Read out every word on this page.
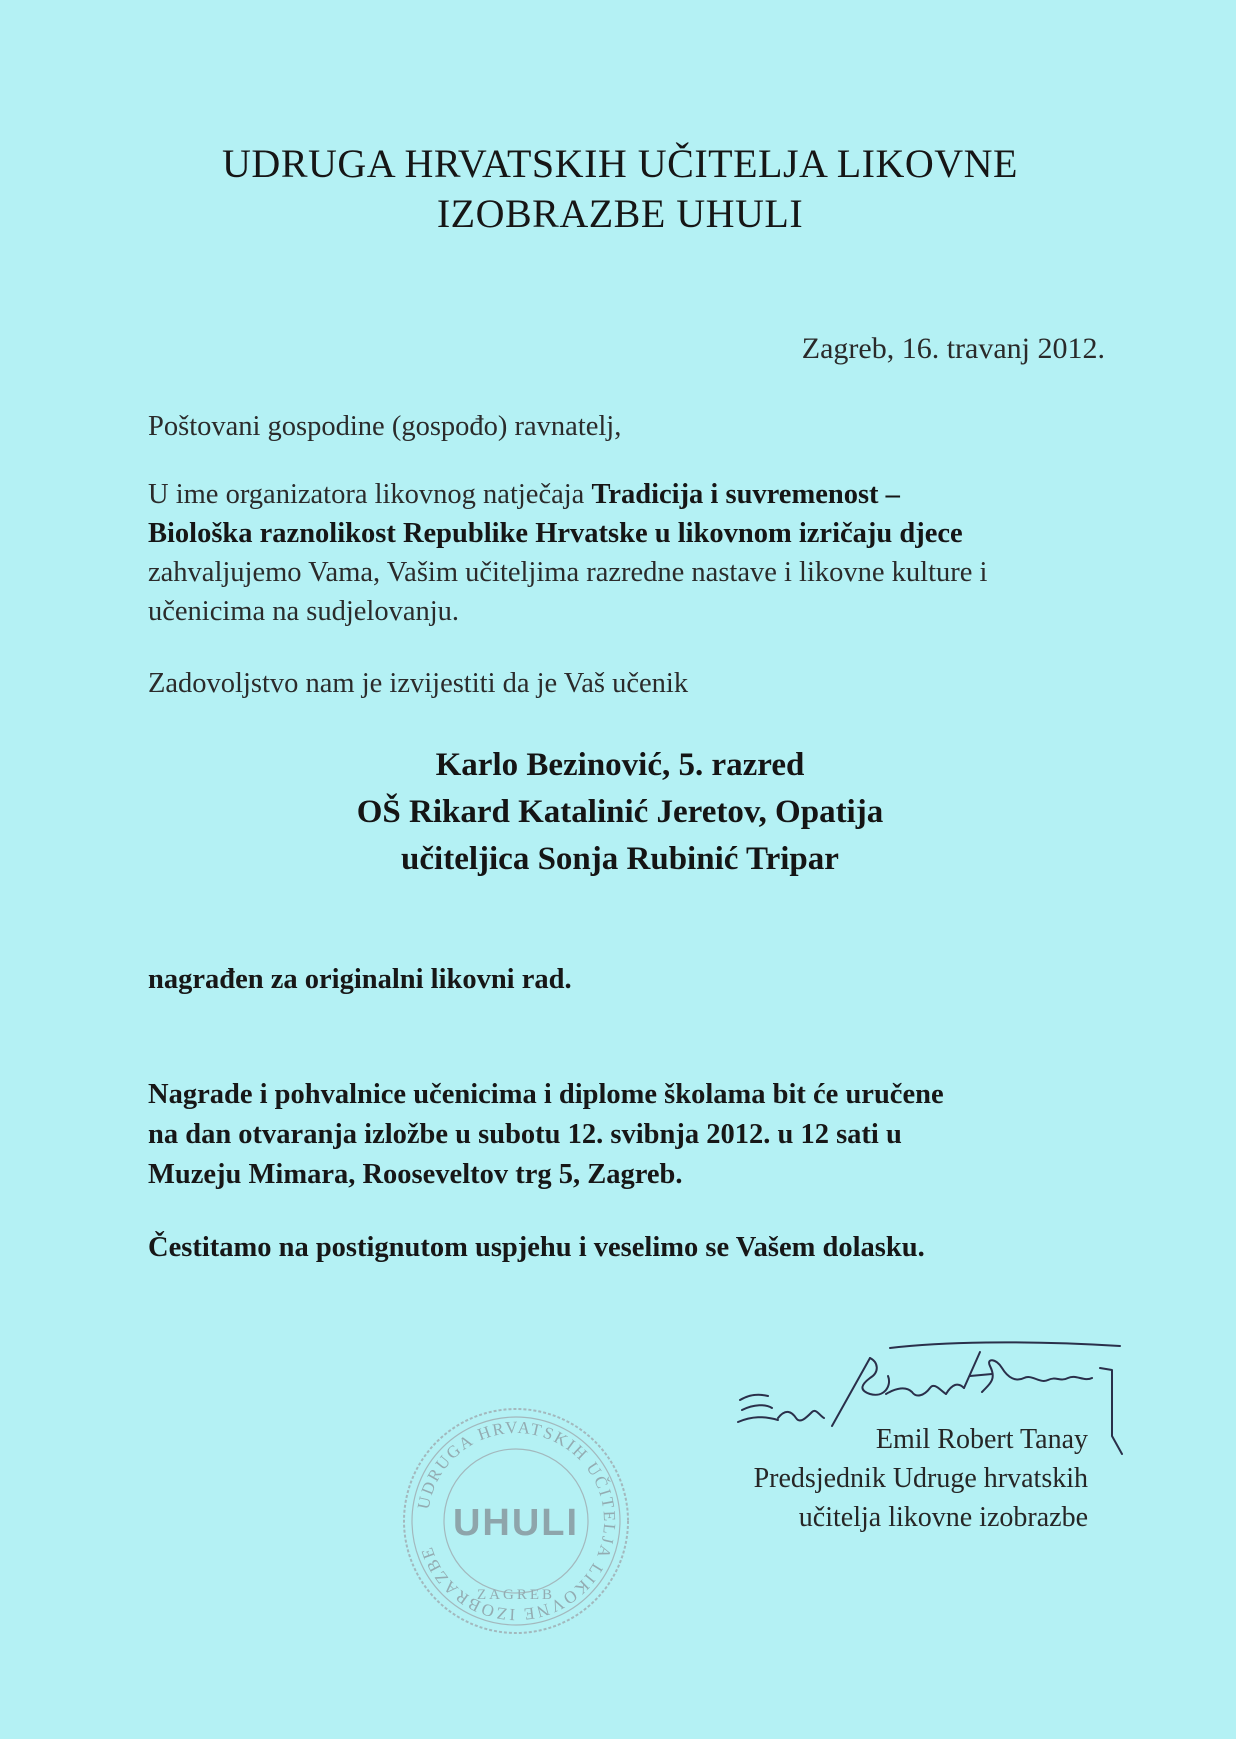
UDRUGA HRVATSKIH UČITELJA LIKOVNE
IZOBRAZBE UHULI
Zagreb, 16. travanj 2012.
Poštovani gospodine (gospođo) ravnatelj,
U ime organizatora likovnog natječaja Tradicija i suvremenost –
Biološka raznolikost Republike Hrvatske u likovnom izričaju djece
zahvaljujemo Vama, Vašim učiteljima razredne nastave i likovne kulture i
učenicima na sudjelovanju.
Zadovoljstvo nam je izvijestiti da je Vaš učenik
Karlo Bezinović, 5. razred
OŠ Rikard Katalinić Jeretov, Opatija
učiteljica Sonja Rubinić Tripar
nagrađen za originalni likovni rad.
Nagrade i pohvalnice učenicima i diplome školama bit će uručene
na dan otvaranja izložbe u subotu 12. svibnja 2012. u 12 sati u
Muzeju Mimara, Rooseveltov trg 5, Zagreb.
Čestitamo na postignutom uspjehu i veselimo se Vašem dolasku.
UDRUGA HRVATSKIH UČITELJA LIKOVNE IZOBRAZBE
ZAGREB
UHULI
Emil Robert Tanay
Predsjednik Udruge hrvatskih
učitelja likovne izobrazbe
